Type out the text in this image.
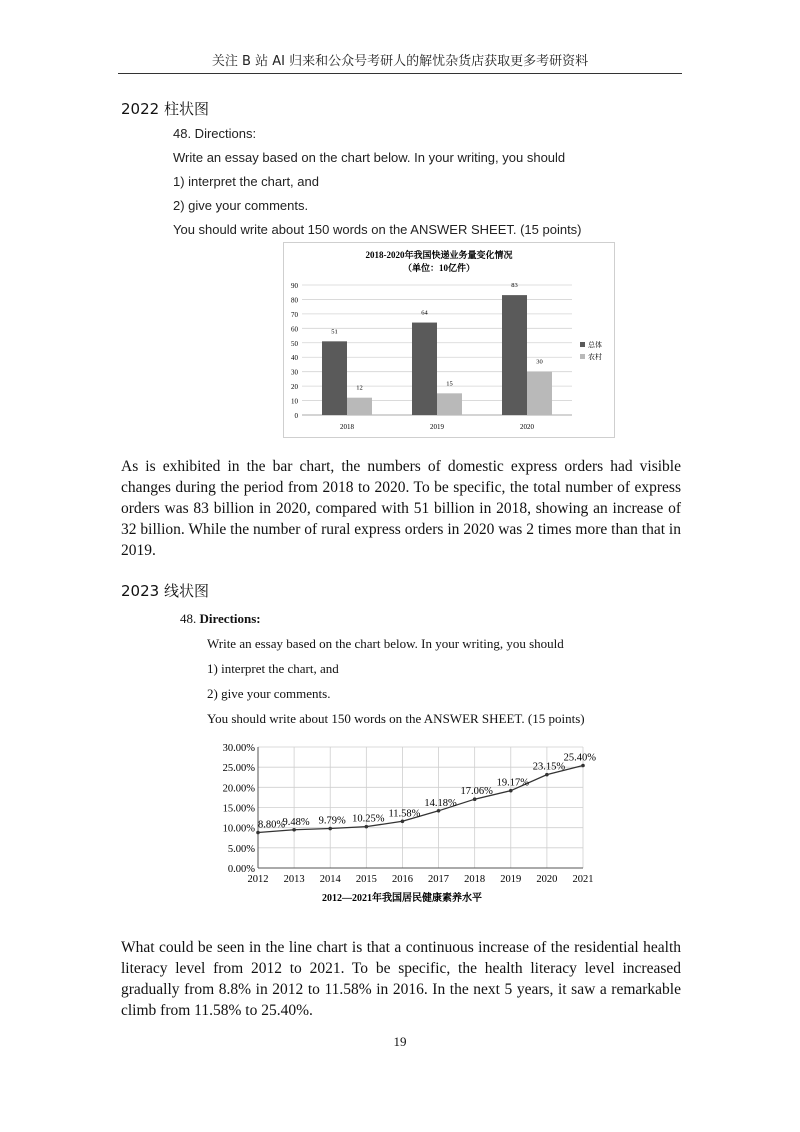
关注 B 站 AI 归来和公众号考研人的解忧杂货店获取更多考研资料
2022 柱状图
48. Directions:
Write an essay based on the chart below. In your writing, you should
1) interpret the chart, and
2) give your comments.
You should write about 150 words on the ANSWER SHEET. (15 points)
2018-2020年我国快递业务量变化情况
（单位：10亿件）
0
10
20
30
40
50
60
70
80
90
51
12
2018
64
15
2019
83
30
2020
总体
农村
As is exhibited in the bar chart, the numbers of domestic express orders had visible changes during the period from 2018 to 2020. To be specific, the total number of express orders was 83 billion in 2020, compared with 51 billion in 2018, showing an increase of 32 billion. While the number of rural express orders in 2020 was 2 times more than that in 2019.
2023 线状图
48. Directions:
Write an essay based on the chart below. In your writing, you should
1) interpret the chart, and
2) give your comments.
You should write about 150 words on the ANSWER SHEET. (15 points)
0.00%
5.00%
10.00%
15.00%
20.00%
25.00%
30.00%
2012 2013 2014 2015 2016 2017 2018 2019 2020 2021
8.80%
9.48% 9.79% 10.25% 11.58%
14.18%
17.06%
19.17%
23.15%
25.40%
2012—2021年我国居民健康素养水平
What could be seen in the line chart is that a continuous increase of the residential health literacy level from 2012 to 2021. To be specific, the health literacy level increased gradually from 8.8% in 2012 to 11.58% in 2016. In the next 5 years, it saw a remarkable climb from 11.58% to 25.40%.
19
